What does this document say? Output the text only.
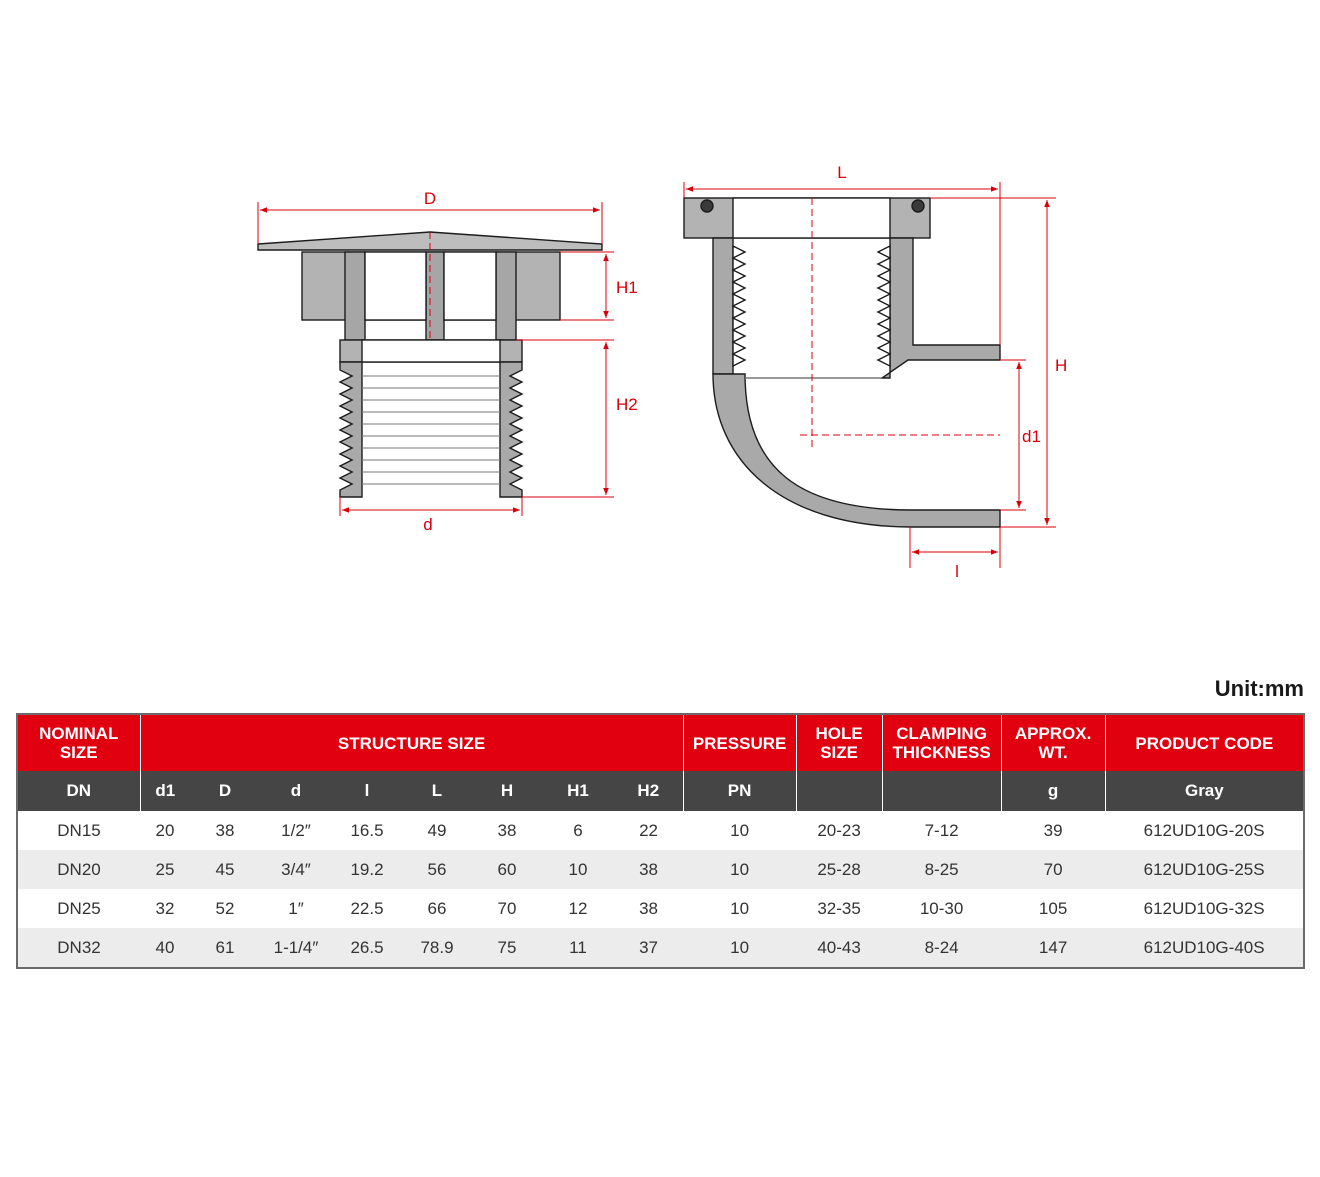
D
H1
H2
d
L
H
d1
l
Unit:mm
NOMINAL SIZE	STRUCTURE SIZE								PRESSURE	HOLE SIZE	CLAMPING THICKNESS	APPROX. WT.	PRODUCT CODE
DN	d1	D	d	l	L	H	H1	H2	PN			g	Gray
DN15	20	38	1/2″	16.5	49	38	6	22	10	20-23	7-12	39	612UD10G-20S
DN20	25	45	3/4″	19.2	56	60	10	38	10	25-28	8-25	70	612UD10G-25S
DN25	32	52	1″	22.5	66	70	12	38	10	32-35	10-30	105	612UD10G-32S
DN32	40	61	1-1/4″	26.5	78.9	75	11	37	10	40-43	8-24	147	612UD10G-40S
